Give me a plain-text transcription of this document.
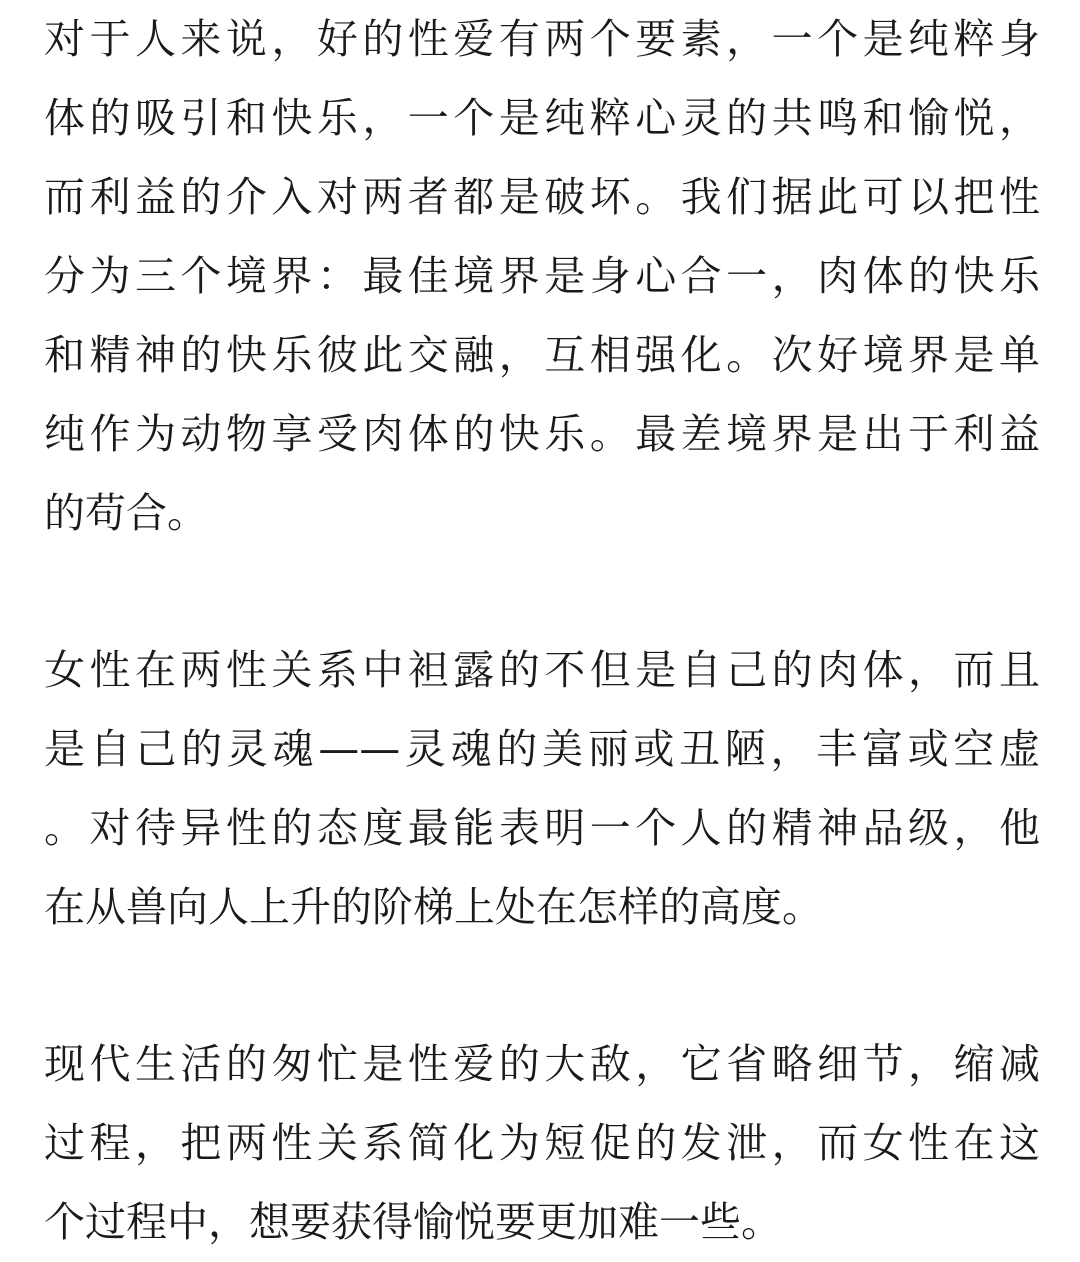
对于人来说，好的性爱有两个要素，一个是纯粹身
体的吸引和快乐，一个是纯粹心灵的共鸣和愉悦，
而利益的介入对两者都是破坏。我们据此可以把性
分为三个境界：最佳境界是身心合一，肉体的快乐
和精神的快乐彼此交融，互相强化。次好境界是单
纯作为动物享受肉体的快乐。最差境界是出于利益
的苟合。
女性在两性关系中袒露的不但是自己的肉体，而且
是自己的灵魂——灵魂的美丽或丑陋，丰富或空虚
。对待异性的态度最能表明一个人的精神品级，他
在从兽向人上升的阶梯上处在怎样的高度。
现代生活的匆忙是性爱的大敌，它省略细节，缩减
过程，把两性关系简化为短促的发泄，而女性在这
个过程中，想要获得愉悦要更加难一些。
